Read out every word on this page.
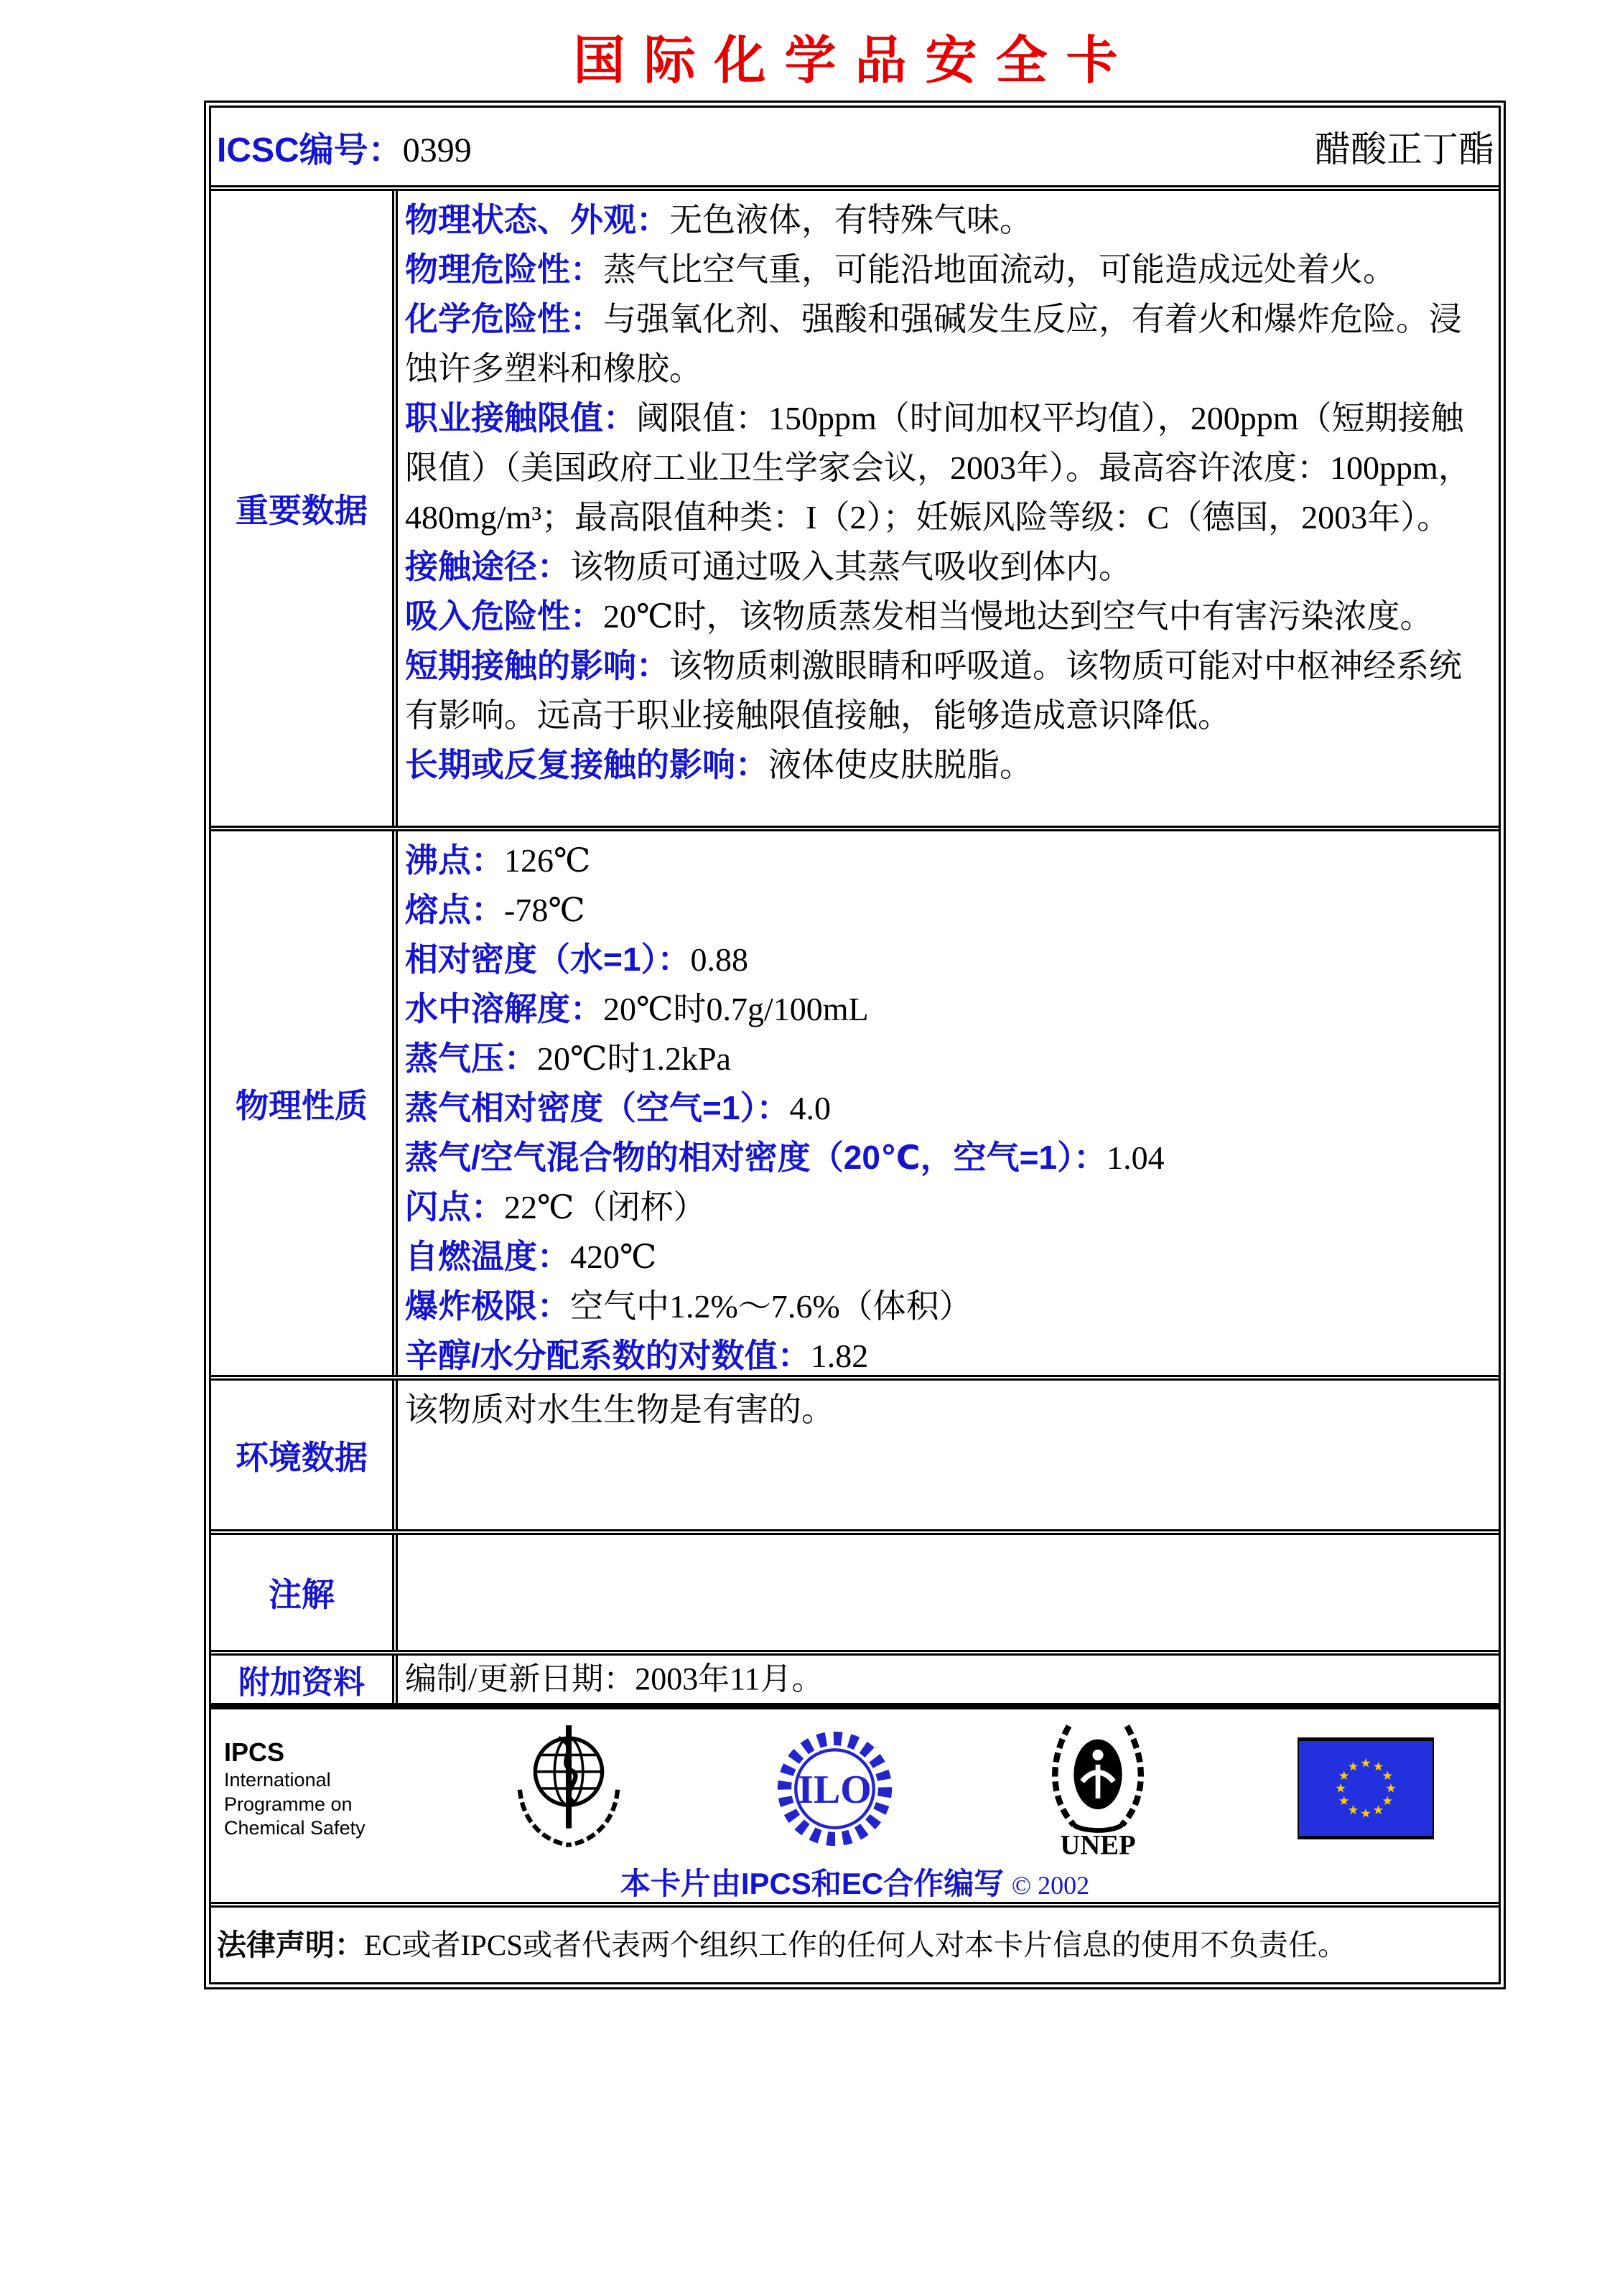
国际化学品安全卡
ICSC编号：0399	醋酸正丁酯
重要数据

物理状态、外观：无色液体，有特殊气味。

物理危险性：蒸气比空气重，可能沿地面流动，可能造成远处着火。

化学危险性：与强氧化剂、强酸和强碱发生反应，有着火和爆炸危险。浸蚀许多塑料和橡胶。

职业接触限值：阈限值：150ppm（时间加权平均值），200ppm（短期接触限值）（美国政府工业卫生学家会议，2003年）。最高容许浓度：100ppm，480mg/m³；最高限值种类：I（2）；妊娠风险等级：C（德国，2003年）。

接触途径：该物质可通过吸入其蒸气吸收到体内。

吸入危险性：20℃时，该物质蒸发相当慢地达到空气中有害污染浓度。

短期接触的影响：该物质刺激眼睛和呼吸道。该物质可能对中枢神经系统有影响。远高于职业接触限值接触，能够造成意识降低。

长期或反复接触的影响：液体使皮肤脱脂。

物理性质

沸点：126℃

熔点：-78℃

相对密度（水=1）：0.88

水中溶解度：20℃时0.7g/100mL

蒸气压：20℃时1.2kPa

蒸气相对密度（空气=1）：4.0

蒸气/空气混合物的相对密度（20℃，空气=1）：1.04

闪点：22℃（闭杯）

自燃温度：420℃

爆炸极限：空气中1.2%～7.6%（体积）

辛醇/水分配系数的对数值：1.82

环境数据

该物质对水生生物是有害的。

注解

附加资料	编制/更新日期：2003年11月。

IPCS
International
Programme on
Chemical Safety
ILO
UNEP
本卡片由IPCS和EC合作编写 © 2002

法律声明：EC或者IPCS或者代表两个组织工作的任何人对本卡片信息的使用不负责任。
